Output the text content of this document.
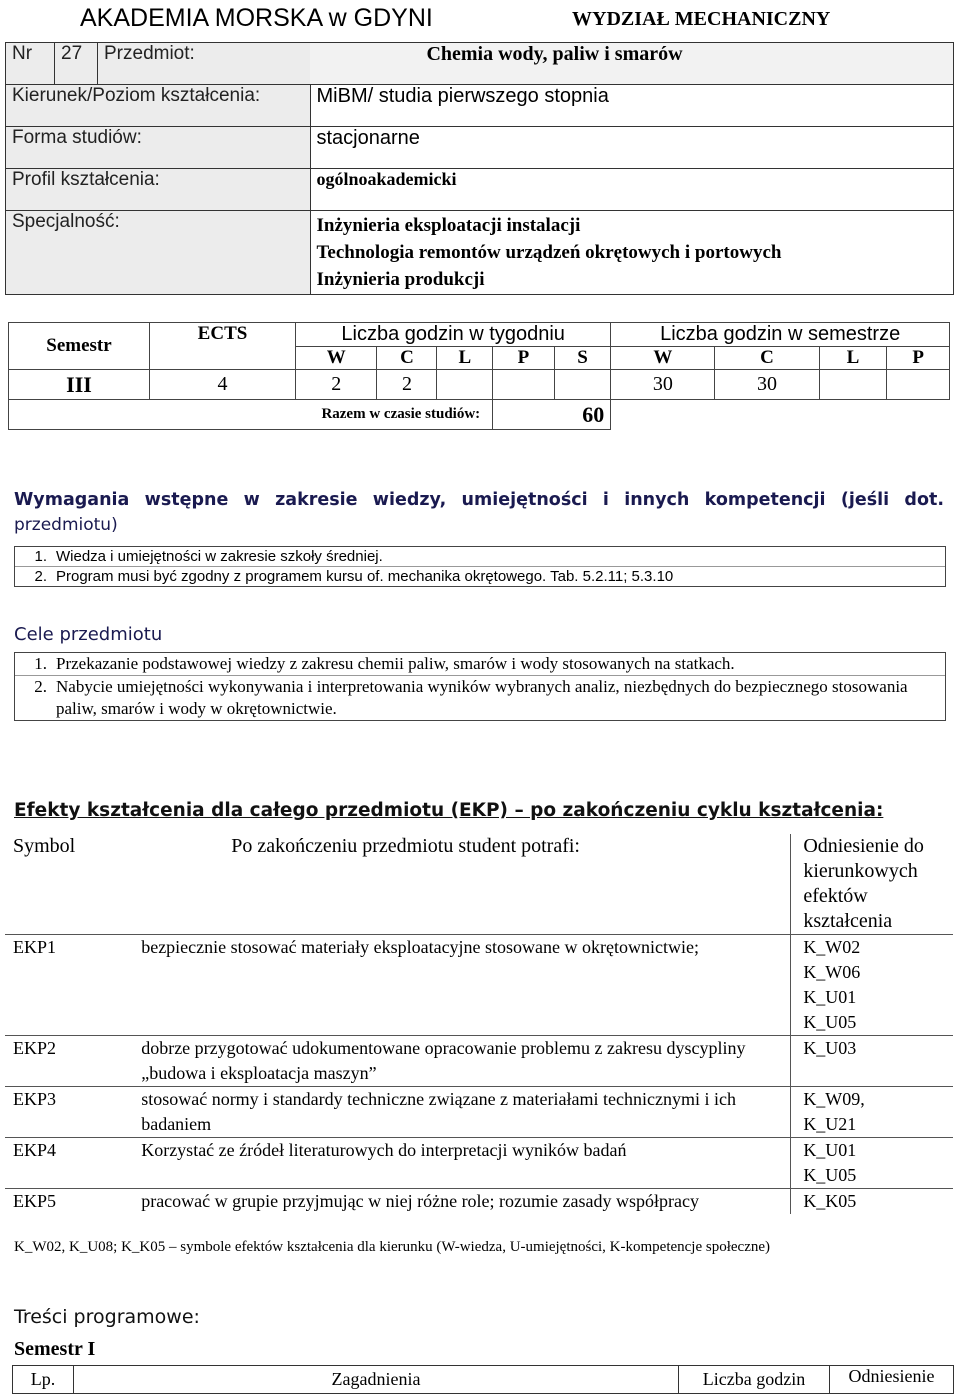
AKADEMIA MORSKA w GDYNI	WYDZIAŁ MECHANICZNY
Nr	27	Przedmiot:	Chemia wody, paliw i smarów
Kierunek/Poziom kształcenia:			MiBM/ studia pierwszego stopnia
Forma studiów:			stacjonarne
Profil kształcenia:			ogólnoakademicki
Specjalność:			Inżynieria eksploatacji instalacji
Technologia remontów urządzeń okrętowych i portowych
Inżynieria produkcji
Semestr	ECTS	Liczba godzin w tygodniu					Liczba godzin w semestrze			
		W	C	L	P	S	W	C	L	P
III	4	2	2				30	30		
Razem w czasie studiów:					60					
Wymagania wstępne w zakresie wiedzy, umiejętności i innych kompetencji (jeśli dot.
przedmiotu)
1. Wiedza i umiejętności w zakresie szkoły średniej.
2. Program musi być zgodny z programem kursu of. mechanika okrętowego. Tab. 5.2.11; 5.3.10
Cele przedmiotu
1. Przekazanie podstawowej wiedzy z zakresu chemii paliw, smarów i wody stosowanych na statkach.
2. Nabycie umiejętności wykonywania i interpretowania wyników wybranych analiz, niezbędnych do bezpiecznego stosowania paliw, smarów i wody w okrętownictwie.
Efekty kształcenia dla całego przedmiotu (EKP) – po zakończeniu cyklu kształcenia:
Symbol	Po zakończeniu przedmiotu student potrafi:	Odniesienie do kierunkowych efektów kształcenia
EKP1	bezpiecznie stosować materiały eksploatacyjne stosowane w okrętownictwie;	K_W02
K_W06
K_U01
K_U05
EKP2	dobrze przygotować udokumentowane opracowanie problemu z zakresu dyscypliny „budowa i eksploatacja maszyn”	K_U03
EKP3	stosować normy i standardy techniczne związane z materiałami technicznymi i ich badaniem	K_W09,
K_U21
EKP4	Korzystać ze źródeł literaturowych do interpretacji wyników badań	K_U01
K_U05
EKP5	pracować w grupie przyjmując w niej różne role; rozumie zasady współpracy	K_K05
K_W02, K_U08; K_K05 – symbole efektów kształcenia dla kierunku (W-wiedza, U-umiejętności, K-kompetencje społeczne)
Treści programowe:
Semestr I
Lp.	Zagadnienia	Liczba godzin	Odniesienie
